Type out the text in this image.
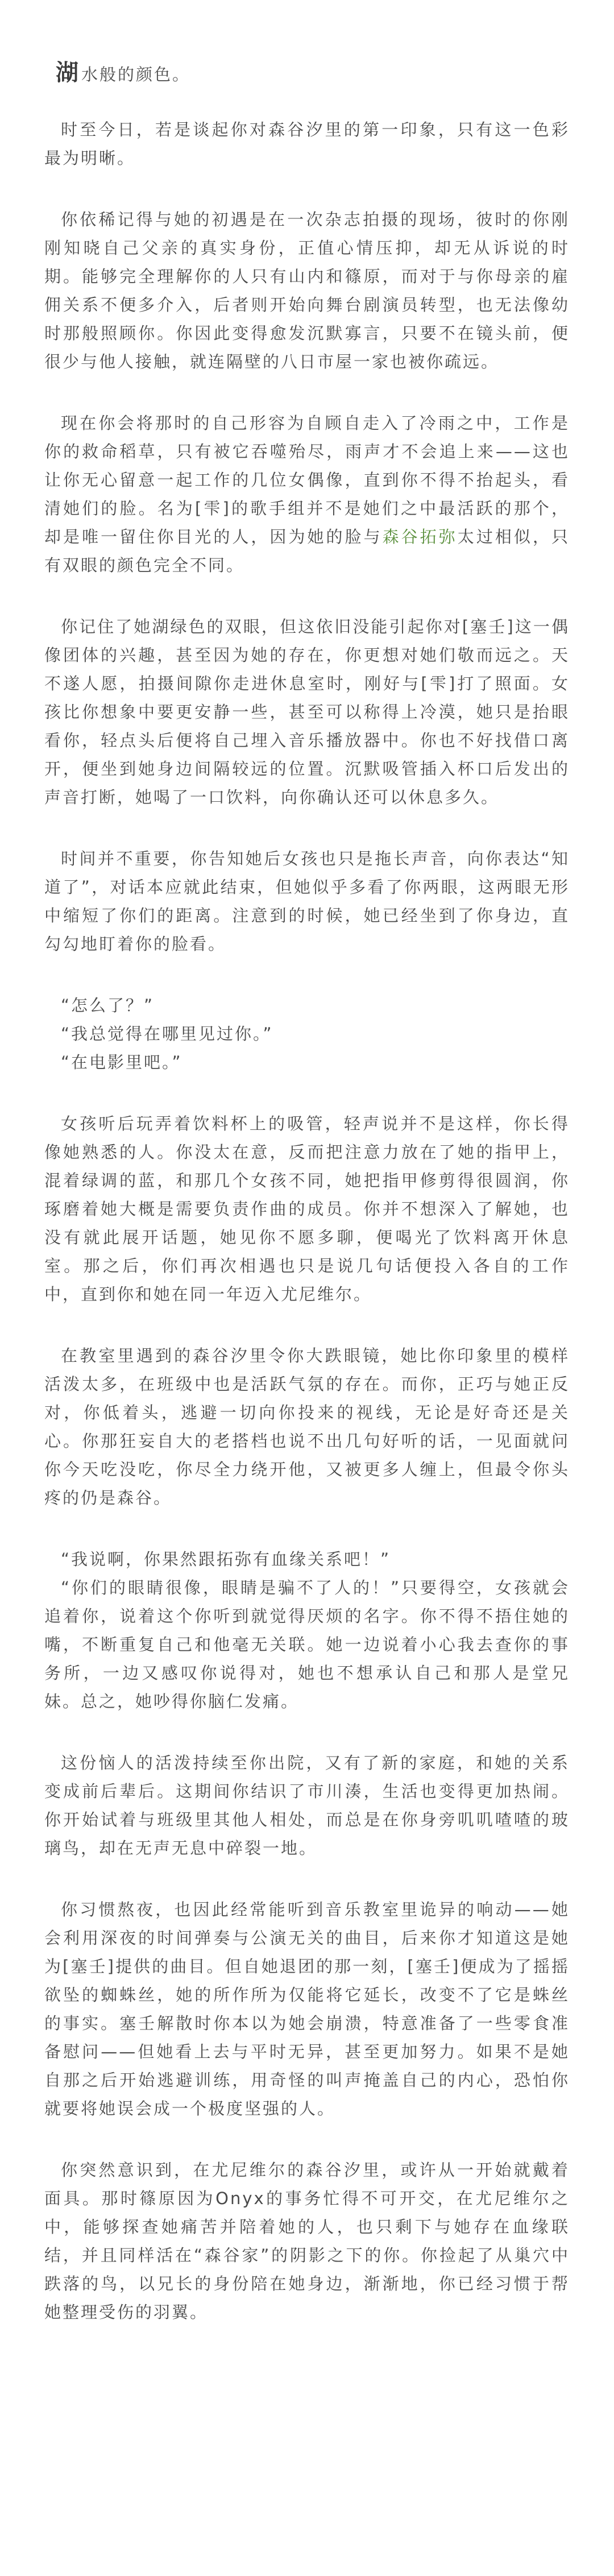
湖水般的颜色。

时至今日，若是谈起你对森谷汐里的第一印象，只有这一色彩最为明晰。

你依稀记得与她的初遇是在一次杂志拍摄的现场，彼时的你刚刚知晓自己父亲的真实身份，正值心情压抑，却无从诉说的时期。能够完全理解你的人只有山内和篠原，而对于与你母亲的雇佣关系不便多介入，后者则开始向舞台剧演员转型，也无法像幼时那般照顾你。你因此变得愈发沉默寡言，只要不在镜头前，便很少与他人接触，就连隔壁的八日市屋一家也被你疏远。

现在你会将那时的自己形容为自顾自走入了冷雨之中，工作是你的救命稻草，只有被它吞噬殆尽，雨声才不会追上来——这也让你无心留意一起工作的几位女偶像，直到你不得不抬起头，看清她们的脸。名为[雫]的歌手组并不是她们之中最活跃的那个，却是唯一留住你目光的人，因为她的脸与森谷拓弥太过相似，只有双眼的颜色完全不同。

你记住了她湖绿色的双眼，但这依旧没能引起你对[塞壬]这一偶像团体的兴趣，甚至因为她的存在，你更想对她们敬而远之。天不遂人愿，拍摄间隙你走进休息室时，刚好与[雫]打了照面。女孩比你想象中要更安静一些，甚至可以称得上冷漠，她只是抬眼看你，轻点头后便将自己埋入音乐播放器中。你也不好找借口离开，便坐到她身边间隔较远的位置。沉默吸管插入杯口后发出的声音打断，她喝了一口饮料，向你确认还可以休息多久。

时间并不重要，你告知她后女孩也只是拖长声音，向你表达“知道了”，对话本应就此结束，但她似乎多看了你两眼，这两眼无形中缩短了你们的距离。注意到的时候，她已经坐到了你身边，直勾勾地盯着你的脸看。

“怎么了？”
“我总觉得在哪里见过你。”
“在电影里吧。”

女孩听后玩弄着饮料杯上的吸管，轻声说并不是这样，你长得像她熟悉的人。你没太在意，反而把注意力放在了她的指甲上，混着绿调的蓝，和那几个女孩不同，她把指甲修剪得很圆润，你琢磨着她大概是需要负责作曲的成员。你并不想深入了解她，也没有就此展开话题，她见你不愿多聊，便喝光了饮料离开休息室。那之后，你们再次相遇也只是说几句话便投入各自的工作中，直到你和她在同一年迈入尤尼维尔。

在教室里遇到的森谷汐里令你大跌眼镜，她比你印象里的模样活泼太多，在班级中也是活跃气氛的存在。而你，正巧与她正反对，你低着头，逃避一切向你投来的视线，无论是好奇还是关心。你那狂妄自大的老搭档也说不出几句好听的话，一见面就问你今天吃没吃，你尽全力绕开他，又被更多人缠上，但最令你头疼的仍是森谷。

“我说啊，你果然跟拓弥有血缘关系吧！”

“你们的眼睛很像，眼睛是骗不了人的！”只要得空，女孩就会追着你，说着这个你听到就觉得厌烦的名字。你不得不捂住她的嘴，不断重复自己和他毫无关联。她一边说着小心我去查你的事务所，一边又感叹你说得对，她也不想承认自己和那人是堂兄妹。总之，她吵得你脑仁发痛。

这份恼人的活泼持续至你出院，又有了新的家庭，和她的关系变成前后辈后。这期间你结识了市川湊，生活也变得更加热闹。你开始试着与班级里其他人相处，而总是在你身旁叽叽喳喳的玻璃鸟，却在无声无息中碎裂一地。

你习惯熬夜，也因此经常能听到音乐教室里诡异的响动——她会利用深夜的时间弹奏与公演无关的曲目，后来你才知道这是她为[塞壬]提供的曲目。但自她退团的那一刻，[塞壬]便成为了摇摇欲坠的蜘蛛丝，她的所作所为仅能将它延长，改变不了它是蛛丝的事实。塞壬解散时你本以为她会崩溃，特意准备了一些零食准备慰问——但她看上去与平时无异，甚至更加努力。如果不是她自那之后开始逃避训练，用奇怪的叫声掩盖自己的内心，恐怕你就要将她误会成一个极度坚强的人。

你突然意识到，在尤尼维尔的森谷汐里，或许从一开始就戴着面具。那时篠原因为Onyx的事务忙得不可开交，在尤尼维尔之中，能够探查她痛苦并陪着她的人，也只剩下与她存在血缘联结，并且同样活在“森谷家”的阴影之下的你。你捡起了从巢穴中跌落的鸟，以兄长的身份陪在她身边，渐渐地，你已经习惯于帮她整理受伤的羽翼。
